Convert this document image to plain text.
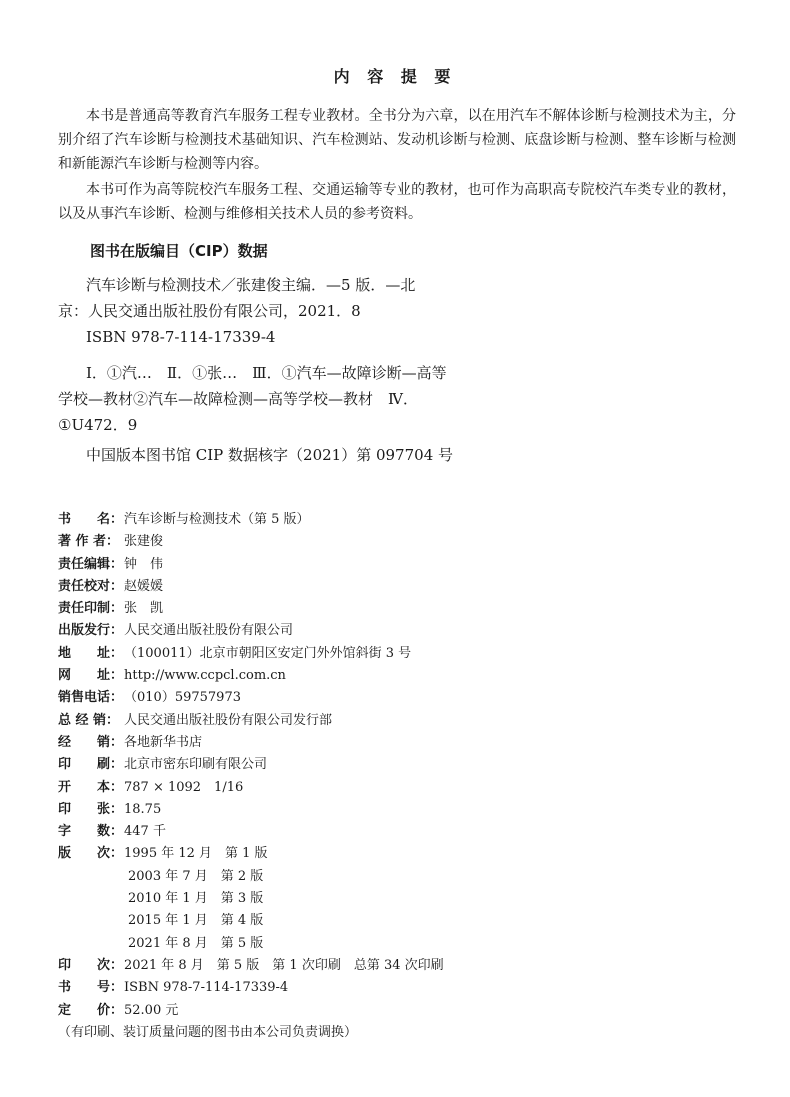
内 容 提 要
本书是普通高等教育汽车服务工程专业教材。全书分为六章，以在用汽车不解体诊断与检测技术为主，分别介绍了汽车诊断与检测技术基础知识、汽车检测站、发动机诊断与检测、底盘诊断与检测、整车诊断与检测和新能源汽车诊断与检测等内容。
本书可作为高等院校汽车服务工程、交通运输等专业的教材，也可作为高职高专院校汽车类专业的教材，以及从事汽车诊断、检测与维修相关技术人员的参考资料。
图书在版编目（CIP）数据
汽车诊断与检测技术／张建俊主编．—5 版．—北
京：人民交通出版社股份有限公司，2021．8
ISBN 978-7-114-17339-4
Ⅰ．①汽…　Ⅱ．①张…　Ⅲ．①汽车—故障诊断—高等
学校—教材②汽车—故障检测—高等学校—教材　Ⅳ．
①U472．9
中国版本图书馆 CIP 数据核字（2021）第 097704 号
书　　名：汽车诊断与检测技术（第 5 版）
著 作 者： 张建俊
责任编辑：钟　伟
责任校对：赵媛媛
责任印制：张　凯
出版发行：人民交通出版社股份有限公司
地　　址：（100011）北京市朝阳区安定门外外馆斜街 3 号
网　　址：http://www.ccpcl.com.cn
销售电话：（010）59757973
总 经 销： 人民交通出版社股份有限公司发行部
经　　销：各地新华书店
印　　刷：北京市密东印刷有限公司
开　　本：787 × 1092　1/16
印　　张：18.75
字　　数：447 千
版　　次：1995 年 12 月　第 1 版
2003 年 7 月　第 2 版
2010 年 1 月　第 3 版
2015 年 1 月　第 4 版
2021 年 8 月　第 5 版
印　　次：2021 年 8 月　第 5 版　第 1 次印刷　总第 34 次印刷
书　　号：ISBN 978-7-114-17339-4
定　　价：52.00 元
（有印刷、装订质量问题的图书由本公司负责调换）
